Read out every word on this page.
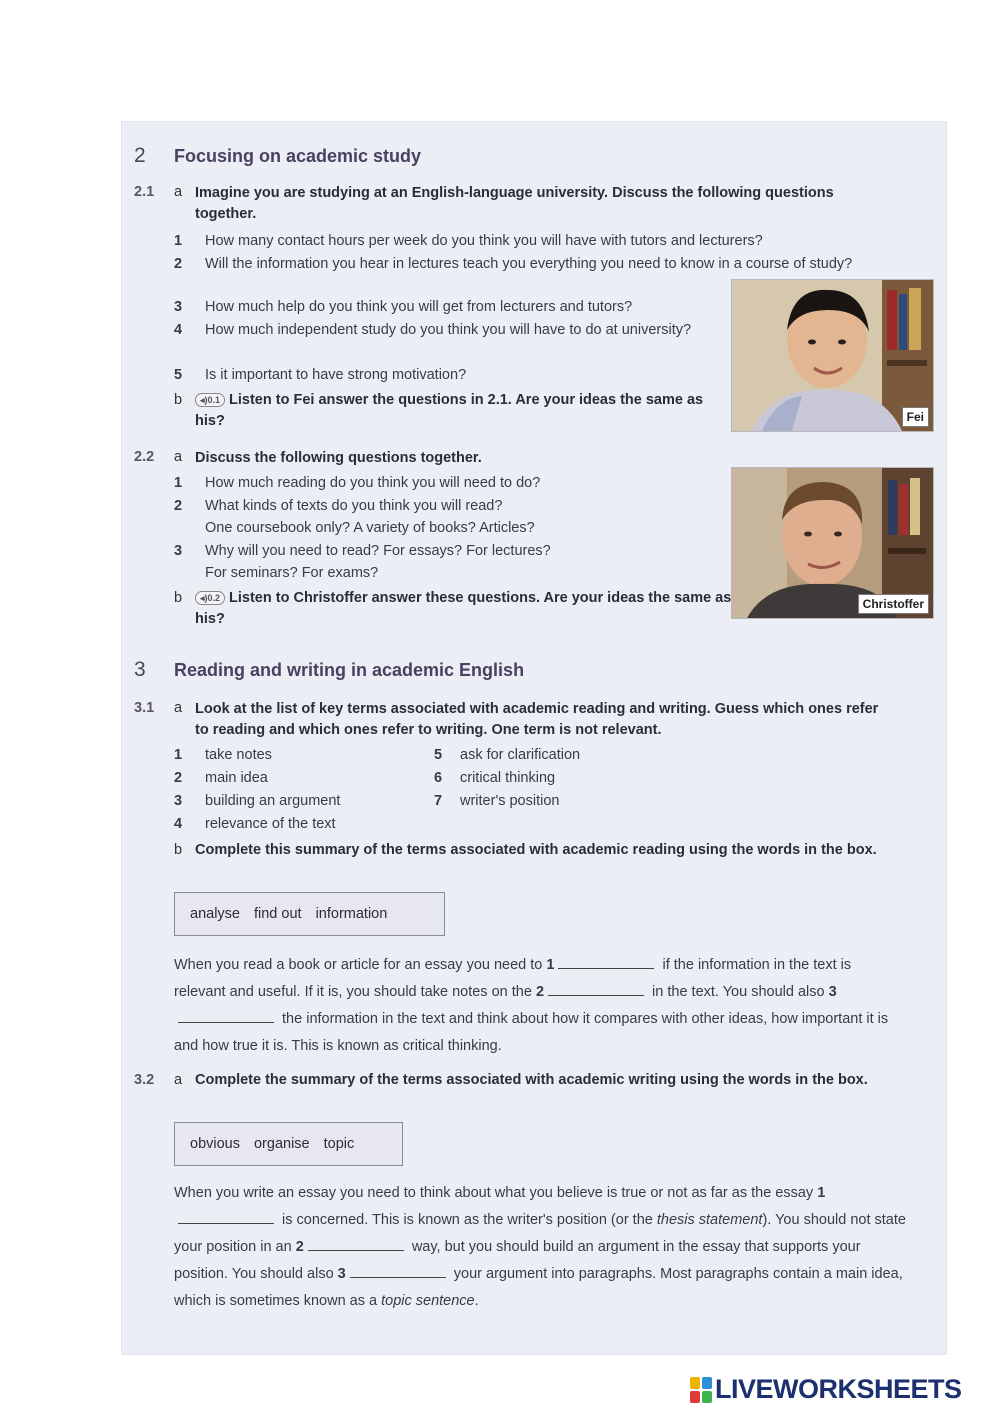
2 Focusing on academic study
2.1 a Imagine you are studying at an English-language university. Discuss the following questions together.
1 How many contact hours per week do you think you will have with tutors and lecturers?
2 Will the information you hear in lectures teach you everything you need to know in a course of study?
3 How much help do you think you will get from lecturers and tutors?
4 How much independent study do you think you will have to do at university?
5 Is it important to have strong motivation?
b	◂)0.1 Listen to Fei answer the questions in 2.1. Are your ideas the same as his?	Fei
2.2 a Discuss the following questions together.
1 How much reading do you think you will need to do?
2 What kinds of texts do you think you will read?
One coursebook only? A variety of books? Articles?
3 Why will you need to read? For essays? For lectures?
For seminars? For exams?
b	◂)0.2 Listen to Christoffer answer these questions. Are your ideas the same as his?
Christoffer
3 Reading and writing in academic English
3.1 a Look at the list of key terms associated with academic reading and writing. Guess which ones refer to reading and which ones refer to writing. One term is not relevant.
1 take notes
2 main idea
3 building an argument
4 relevance of the text
5 ask for clarification
6 critical thinking
7 writer's position
b Complete this summary of the terms associated with academic reading using the words in the box.
analyse find out information
When you read a book or article for an essay you need to 1	if the information in the text is relevant and useful. If it is, you should take notes on the 2	in the text. You should also 3 the information in the text and think about how it compares with other ideas, how important it is and how true it is. This is known as critical thinking.
3.2 a Complete the summary of the terms associated with academic writing using the words in the box.
obvious organise topic
When you write an essay you need to think about what you believe is true or not as far as the essay 1 is concerned. This is known as the writer's position (or the thesis statement). You should not state your position in an 2	way, but you should build an argument in the essay that supports your position. You should also 3	your argument into paragraphs. Most paragraphs contain a main idea, which is sometimes known as a topic sentence.
LIVEWORKSHEETS
